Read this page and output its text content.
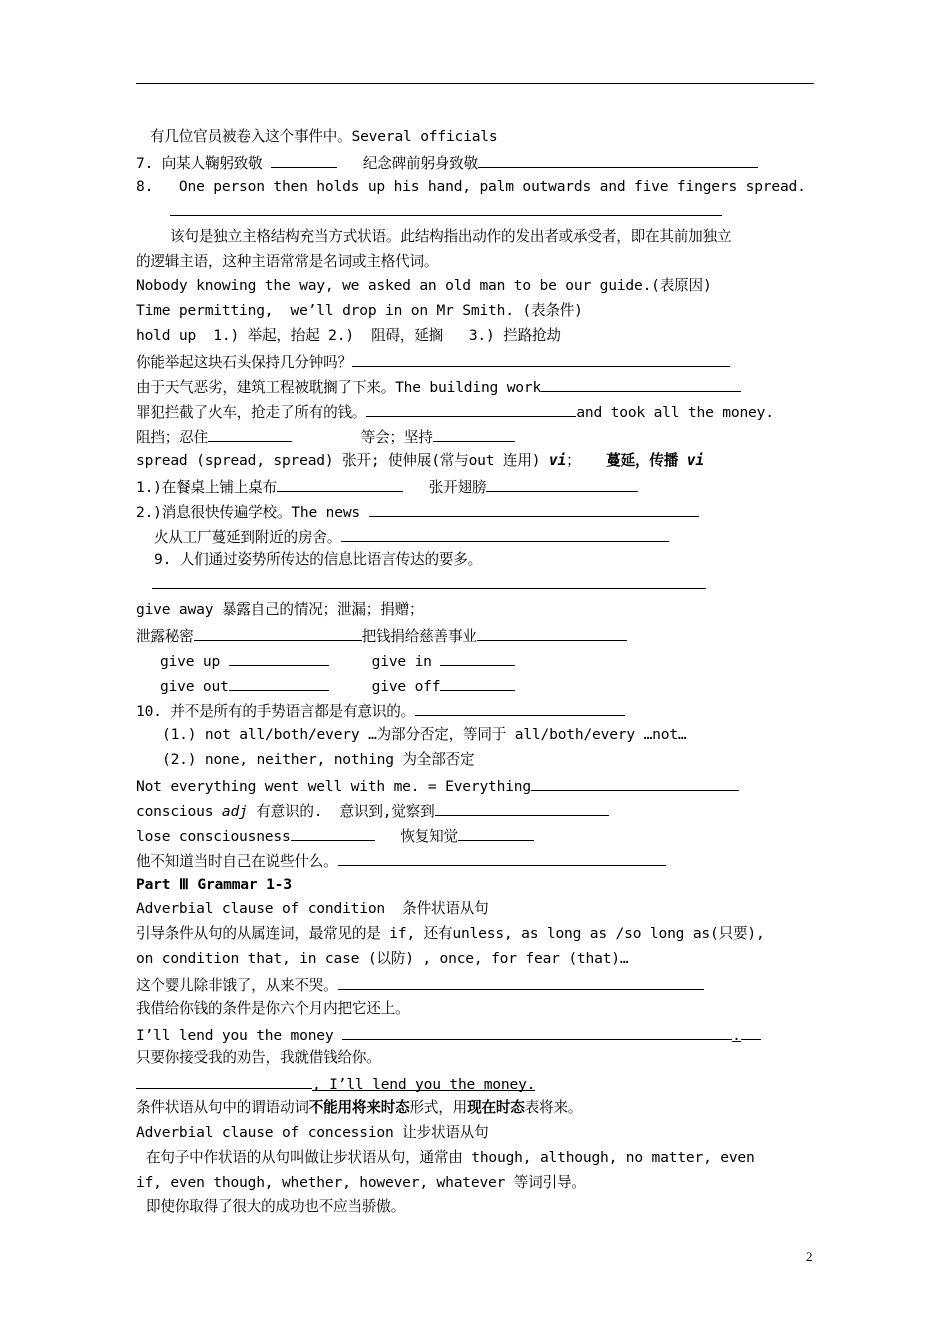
有几位官员被卷入这个事件中。Several officials
7. 向某人鞠躬致敬	纪念碑前躬身致敬
8.   One person then holds up his hand, palm outwards and five fingers spread.
该句是独立主格结构充当方式状语。此结构指出动作的发出者或承受者，即在其前加独立
的逻辑主语，这种主语常常是名词或主格代词。
Nobody knowing the way, we asked an old man to be our guide.(表原因)
Time permitting,  we’ll drop in on Mr Smith. (表条件)
hold up  1.) 举起，抬起 2.)  阻碍，延搁   3.) 拦路抢劫
你能举起这块石头保持几分钟吗？
由于天气恶劣，建筑工程被耽搁了下来。The building work
罪犯拦截了火车，抢走了所有的钱。	and took all the money.
阻挡；忍住	等会；坚持
spread (spread, spread) 张开; 使伸展(常与out 连用) vi；   蔓延，传播 vi
1.)在餐桌上铺上桌布	张开翅膀
2.)消息很快传遍学校。The news
火从工厂蔓延到附近的房舍。
9. 人们通过姿势所传达的信息比语言传达的要多。
give away 暴露自己的情况；泄漏；捐赠；
泄露秘密	把钱捐给慈善事业
give up	give in
give out	give off
10. 并不是所有的手势语言都是有意识的。
(1.) not all/both/every …为部分否定，等同于 all/both/every …not…
(2.) none, neither, nothing 为全部否定
Not everything went well with me. = Everything
conscious adj 有意识的.  意识到,觉察到
lose consciousness	恢复知觉
他不知道当时自己在说些什么。
Part Ⅲ Grammar 1-3
Adverbial clause of condition  条件状语从句
引导条件从句的从属连词，最常见的是 if, 还有unless, as long as /so long as(只要),
on condition that, in case (以防) , once, for fear (that)…
这个婴儿除非饿了，从来不哭。
我借给你钱的条件是你六个月内把它还上。
I’ll lend you the money	.
只要你接受我的劝告，我就借钱给你。
, I’ll lend you the money.
条件状语从句中的谓语动词不能用将来时态形式，用现在时态表将来。
Adverbial clause of concession 让步状语从句
在句子中作状语的从句叫做让步状语从句，通常由 though, although, no matter, even
if, even though, whether, however, whatever 等词引导。
即使你取得了很大的成功也不应当骄傲。
2
